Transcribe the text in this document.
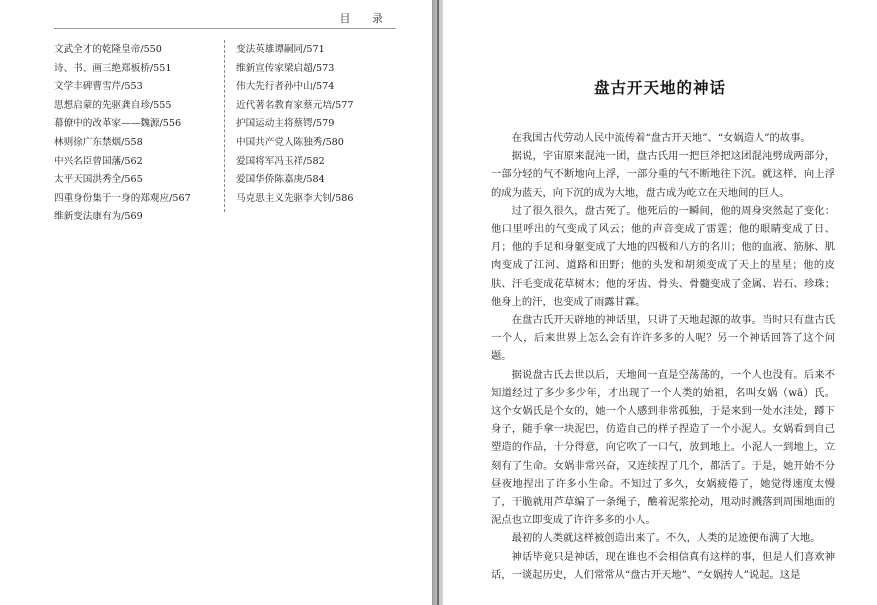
目 录
文武全才的乾隆皇帝/550
诗、书、画三绝郑板桥/551
文学丰碑曹雪芹/553
思想启蒙的先驱龚自珍/555
幕僚中的改革家——魏源/556
林则徐广东禁烟/558
中兴名臣曾国藩/562
太平天国洪秀全/565
四重身份集于一身的郑观应/567
维新变法康有为/569
变法英雄谭嗣同/571
维新宣传家梁启超/573
伟大先行者孙中山/574
近代著名教育家蔡元培/577
护国运动主将蔡锷/579
中国共产党人陈独秀/580
爱国将军冯玉祥/582
爱国华侨陈嘉庚/584
马克思主义先驱李大钊/586
盘古开天地的神话

在我国古代劳动人民中流传着“盘古开天地”、“女娲造人”的故事。

据说，宇宙原来混沌一团，盘古氏用一把巨斧把这团混沌劈成两部分，一部分轻的气不断地向上浮，一部分重的气不断地往下沉。就这样，向上浮的成为蓝天，向下沉的成为大地，盘古成为屹立在天地间的巨人。

过了很久很久，盘古死了。他死后的一瞬间，他的周身突然起了变化：他口里呼出的气变成了风云；他的声音变成了雷霆；他的眼睛变成了日、月；他的手足和身躯变成了大地的四极和八方的名川；他的血液、筋脉、肌肉变成了江河、道路和田野；他的头发和胡须变成了天上的星星；他的皮肤、汗毛变成花草树木；他的牙齿、骨头、骨髓变成了金属、岩石、珍珠；他身上的汗，也变成了雨露甘霖。

在盘古氏开天辟地的神话里，只讲了天地起源的故事。当时只有盘古氏一个人，后来世界上怎么会有许许多多的人呢？另一个神话回答了这个问题。

据说盘古氏去世以后，天地间一直是空荡荡的，一个人也没有。后来不知道经过了多少多少年，才出现了一个人类的始祖，名叫女娲（wā）氏。这个女娲氏是个女的，她一个人感到非常孤独，于是来到一处水洼处，蹲下身子，随手拿一块泥巴，仿造自己的样子捏造了一个小泥人。女娲看到自己塑造的作品，十分得意，向它吹了一口气，放到地上。小泥人一到地上，立刻有了生命。女娲非常兴奋，又连续捏了几个，都活了。于是，她开始不分昼夜地捏出了许多小生命。不知过了多久，女娲疲倦了，她觉得速度太慢了，干脆就用芦草编了一条绳子，醮着泥浆抡动，甩动时溅落到周围地面的泥点也立即变成了许许多多的小人。

最初的人类就这样被创造出来了。不久，人类的足迹便布满了大地。

神话毕竟只是神话，现在谁也不会相信真有这样的事，但是人们喜欢神话，一谈起历史，人们常常从“盘古开天地”、“女娲抟人”说起。这是
